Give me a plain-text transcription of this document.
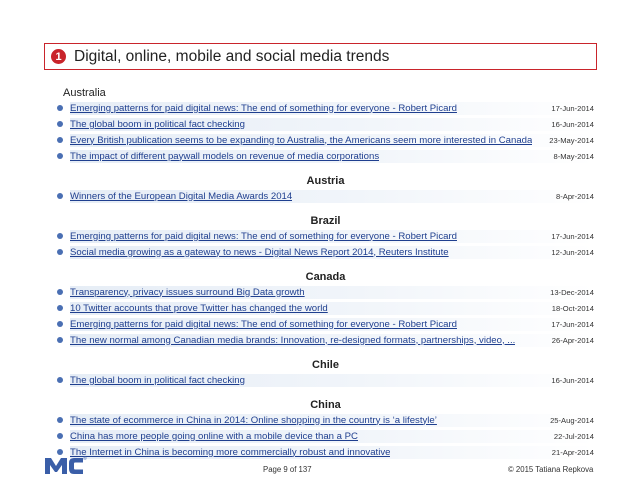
1 Digital, online, mobile and social media trends
Australia
Emerging patterns for paid digital news: The end of something for everyone - Robert Picard	17-Jun-2014
The global boom in political fact checking	16-Jun-2014
Every British publication seems to be expanding to Australia, the Americans seem more interested in Canada 23-May-2014
The impact of different paywall models on revenue of media corporations	8-May-2014
Austria
Winners of the European Digital Media Awards 2014	8-Apr-2014
Brazil
Emerging patterns for paid digital news: The end of something for everyone - Robert Picard	17-Jun-2014
Social media growing as a gateway to news - Digital News Report 2014, Reuters Institute	12-Jun-2014
Canada
Transparency, privacy issues surround Big Data growth	13-Dec-2014
10 Twitter accounts that prove Twitter has changed the world	18-Oct-2014
Emerging patterns for paid digital news: The end of something for everyone - Robert Picard	17-Jun-2014
The new normal among Canadian media brands: Innovation, re-designed formats, partnerships, video, ...	26-Apr-2014
Chile
The global boom in political fact checking	16-Jun-2014
China
The state of ecommerce in China in 2014: Online shopping in the country is ‘a lifestyle’	25-Aug-2014
China has more people going online with a mobile device than a PC	22-Jul-2014
The Internet in China is becoming more commercially robust and innovative	21-Apr-2014
®
Page 9 of 137	© 2015 Tatiana Repkova
